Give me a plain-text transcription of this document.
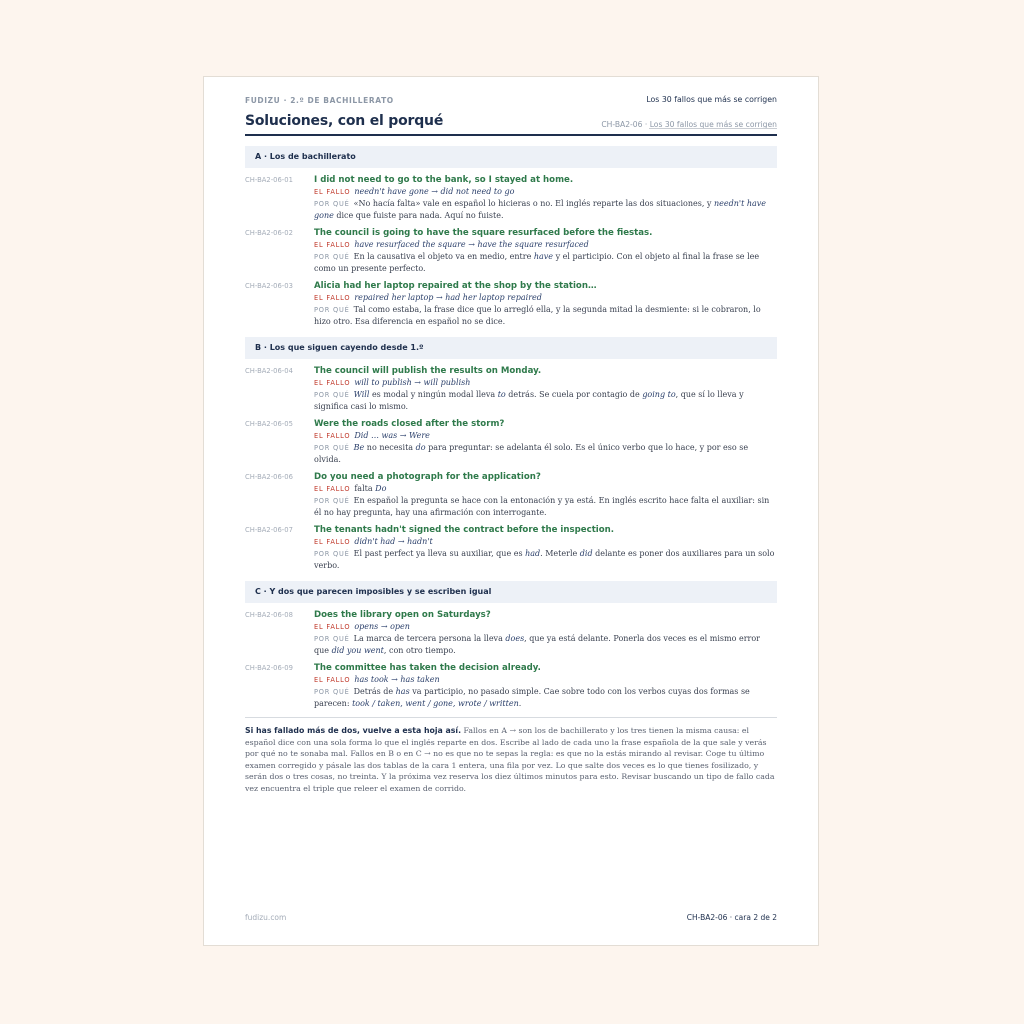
FUDIZU · 2.º DE BACHILLERATO	Los 30 fallos que más se corrigen
Soluciones, con el porqué	CH-BA2-06 · Los 30 fallos que más se corrigen
A · Los de bachillerato
CH-BA2-06-01	I did not need to go to the bank, so I stayed at home.
EL FALLO needn't have gone → did not need to go
POR QUÉ «No hacía falta» vale en español lo hicieras o no. El inglés reparte las dos situaciones, y needn't have gone dice que fuiste para nada. Aquí no fuiste.
CH-BA2-06-02	The council is going to have the square resurfaced before the fiestas.
EL FALLO have resurfaced the square → have the square resurfaced
POR QUÉ En la causativa el objeto va en medio, entre have y el participio. Con el objeto al final la frase se lee como un presente perfecto.
CH-BA2-06-03	Alicia had her laptop repaired at the shop by the station…
EL FALLO repaired her laptop → had her laptop repaired
POR QUÉ Tal como estaba, la frase dice que lo arregló ella, y la segunda mitad la desmiente: si le cobraron, lo hizo otro. Esa diferencia en español no se dice.
B · Los que siguen cayendo desde 1.º
CH-BA2-06-04	The council will publish the results on Monday.
EL FALLO will to publish → will publish
POR QUÉ Will es modal y ningún modal lleva to detrás. Se cuela por contagio de going to, que sí lo lleva y significa casi lo mismo.
CH-BA2-06-05	Were the roads closed after the storm?
EL FALLO Did … was → Were
POR QUÉ Be no necesita do para preguntar: se adelanta él solo. Es el único verbo que lo hace, y por eso se olvida.
CH-BA2-06-06	Do you need a photograph for the application?
EL FALLO falta Do
POR QUÉ En español la pregunta se hace con la entonación y ya está. En inglés escrito hace falta el auxiliar: sin él no hay pregunta, hay una afirmación con interrogante.
CH-BA2-06-07	The tenants hadn't signed the contract before the inspection.
EL FALLO didn't had → hadn't
POR QUÉ El past perfect ya lleva su auxiliar, que es had. Meterle did delante es poner dos auxiliares para un solo verbo.
C · Y dos que parecen imposibles y se escriben igual
CH-BA2-06-08	Does the library open on Saturdays?
EL FALLO opens → open
POR QUÉ La marca de tercera persona la lleva does, que ya está delante. Ponerla dos veces es el mismo error que did you went, con otro tiempo.
CH-BA2-06-09	The committee has taken the decision already.
EL FALLO has took → has taken
POR QUÉ Detrás de has va participio, no pasado simple. Cae sobre todo con los verbos cuyas dos formas se parecen: took / taken, went / gone, wrote / written.
Si has fallado más de dos, vuelve a esta hoja así. Fallos en A → son los de bachillerato y los tres tienen la misma causa: el español dice con una sola forma lo que el inglés reparte en dos. Escribe al lado de cada uno la frase española de la que sale y verás por qué no te sonaba mal. Fallos en B o en C → no es que no te sepas la regla: es que no la estás mirando al revisar. Coge tu último examen corregido y pásale las dos tablas de la cara 1 entera, una fila por vez. Lo que salte dos veces es lo que tienes fosilizado, y serán dos o tres cosas, no treinta. Y la próxima vez reserva los diez últimos minutos para esto. Revisar buscando un tipo de fallo cada vez encuentra el triple que releer el examen de corrido.
fudizu.com	CH-BA2-06 · cara 2 de 2
